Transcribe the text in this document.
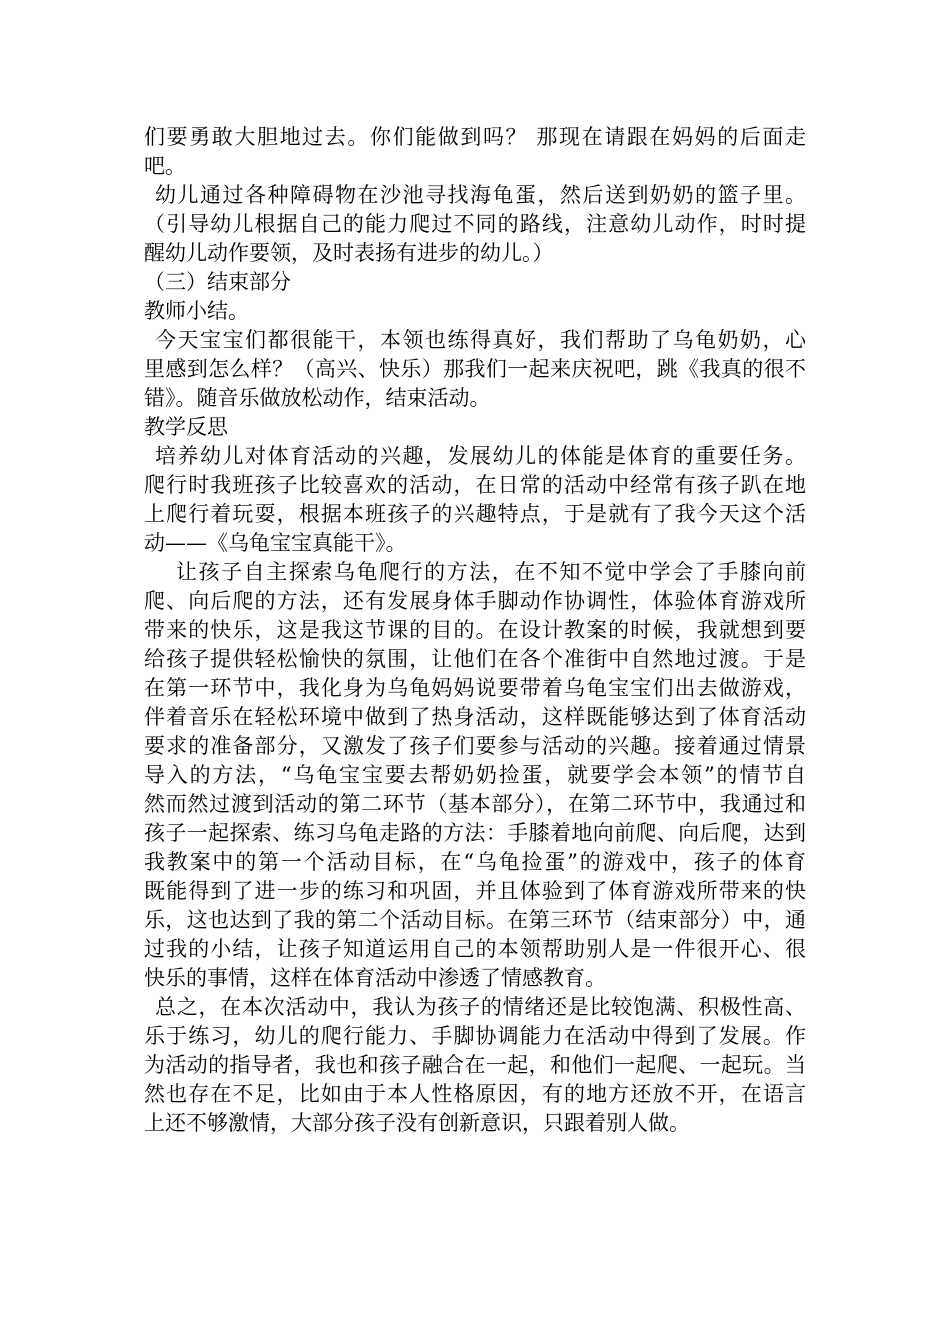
们要勇敢大胆地过去。你们能做到吗？ 那现在请跟在妈妈的后面走
吧。
幼儿通过各种障碍物在沙池寻找海龟蛋，然后送到奶奶的篮子里。
（引导幼儿根据自己的能力爬过不同的路线，注意幼儿动作，时时提
醒幼儿动作要领，及时表扬有进步的幼儿。）
（三）结束部分
教师小结。
今天宝宝们都很能干，本领也练得真好，我们帮助了乌龟奶奶，心
里感到怎么样？（高兴、快乐）那我们一起来庆祝吧，跳《我真的很不
错》。随音乐做放松动作，结束活动。
教学反思
培养幼儿对体育活动的兴趣，发展幼儿的体能是体育的重要任务。
爬行时我班孩子比较喜欢的活动，在日常的活动中经常有孩子趴在地
上爬行着玩耍，根据本班孩子的兴趣特点，于是就有了我今天这个活
动——《乌龟宝宝真能干》。
让孩子自主探索乌龟爬行的方法，在不知不觉中学会了手膝向前
爬、向后爬的方法，还有发展身体手脚动作协调性，体验体育游戏所
带来的快乐，这是我这节课的目的。在设计教案的时候，我就想到要
给孩子提供轻松愉快的氛围，让他们在各个准街中自然地过渡。于是
在第一环节中，我化身为乌龟妈妈说要带着乌龟宝宝们出去做游戏，
伴着音乐在轻松环境中做到了热身活动，这样既能够达到了体育活动
要求的准备部分，又激发了孩子们要参与活动的兴趣。接着通过情景
导入的方法，“乌龟宝宝要去帮奶奶捡蛋，就要学会本领”的情节自
然而然过渡到活动的第二环节（基本部分），在第二环节中，我通过和
孩子一起探索、练习乌龟走路的方法：手膝着地向前爬、向后爬，达到
我教案中的第一个活动目标，在“乌龟捡蛋”的游戏中，孩子的体育
既能得到了进一步的练习和巩固，并且体验到了体育游戏所带来的快
乐，这也达到了我的第二个活动目标。在第三环节（结束部分）中，通
过我的小结，让孩子知道运用自己的本领帮助别人是一件很开心、很
快乐的事情，这样在体育活动中渗透了情感教育。
总之，在本次活动中，我认为孩子的情绪还是比较饱满、积极性高、
乐于练习，幼儿的爬行能力、手脚协调能力在活动中得到了发展。作
为活动的指导者，我也和孩子融合在一起，和他们一起爬、一起玩。当
然也存在不足，比如由于本人性格原因，有的地方还放不开，在语言
上还不够激情，大部分孩子没有创新意识，只跟着别人做。
